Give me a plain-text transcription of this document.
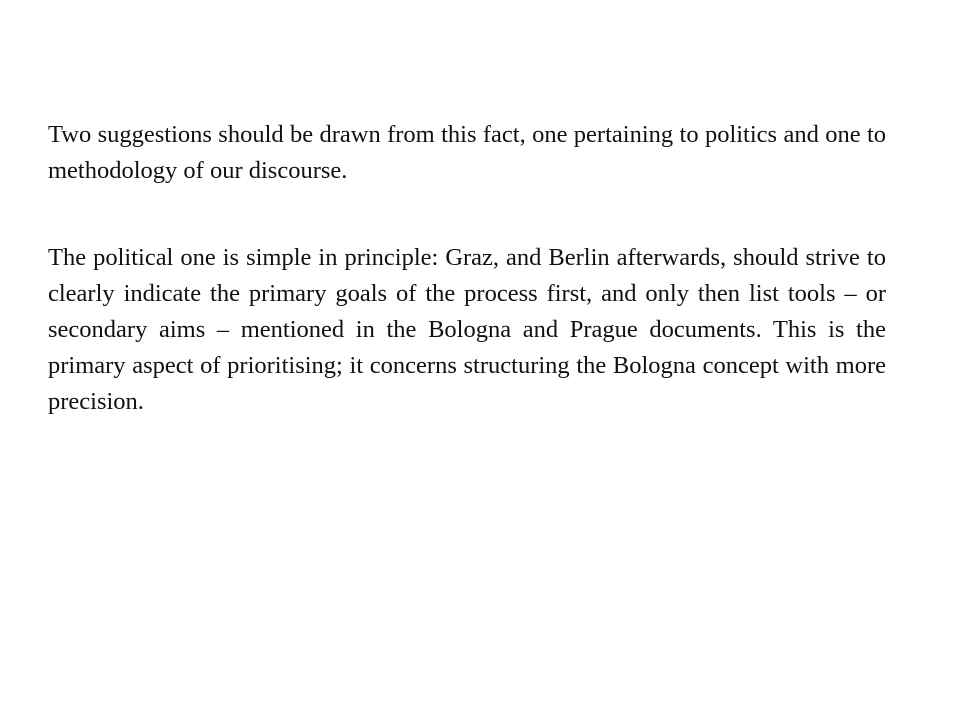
Two suggestions should be drawn from this fact, one pertaining to politics and one to methodology of our discourse.

The political one is simple in principle: Graz, and Berlin afterwards, should strive to clearly indicate the primary goals of the process first, and only then list tools – or secondary aims – mentioned in the Bologna and Prague documents. This is the primary aspect of prioritising; it concerns structuring the Bologna concept with more precision.
